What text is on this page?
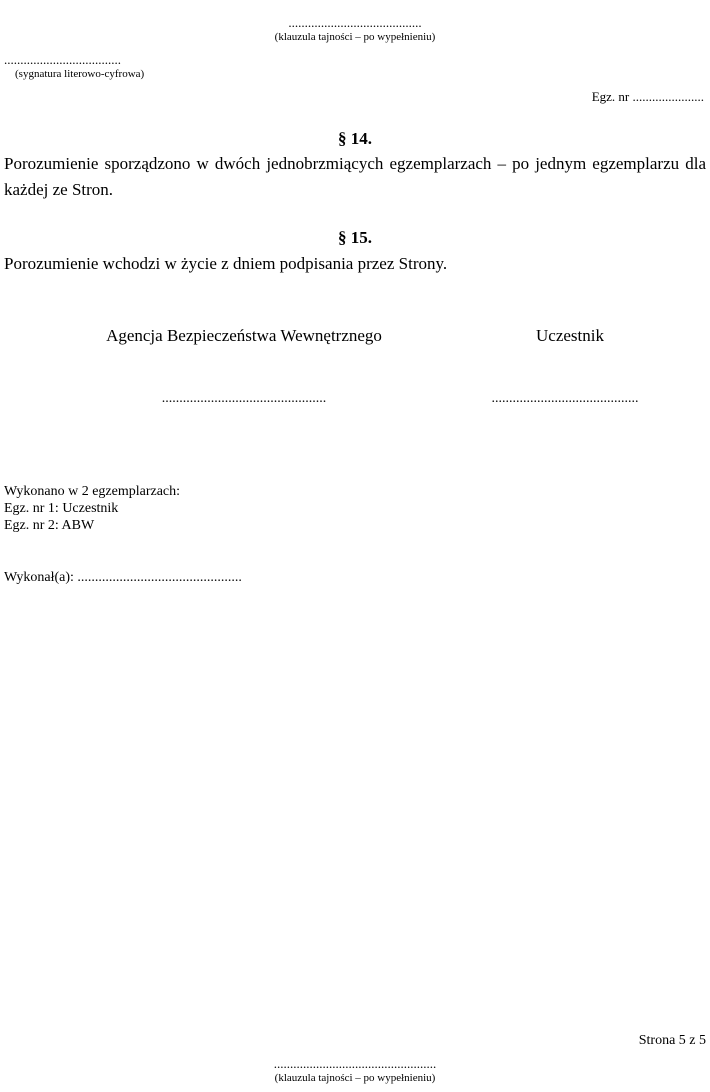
.........................................
(klauzula tajności – po wypełnieniu)
....................................
(sygnatura literowo-cyfrowa)
Egz. nr ......................
§ 14.
Porozumienie sporządzono w dwóch jednobrzmiących egzemplarzach – po jednym egzemplarzu dla każdej ze Stron.
§ 15.
Porozumienie wchodzi w życie z dniem podpisania przez Strony.
Agencja Bezpieczeństwa Wewnętrznego	Uczestnik
...............................................	..........................................
Wykonano w 2 egzemplarzach:
Egz. nr 1: Uczestnik
Egz. nr 2: ABW
Wykonał(a): ...............................................
Strona 5 z 5
..................................................
(klauzula tajności – po wypełnieniu)
